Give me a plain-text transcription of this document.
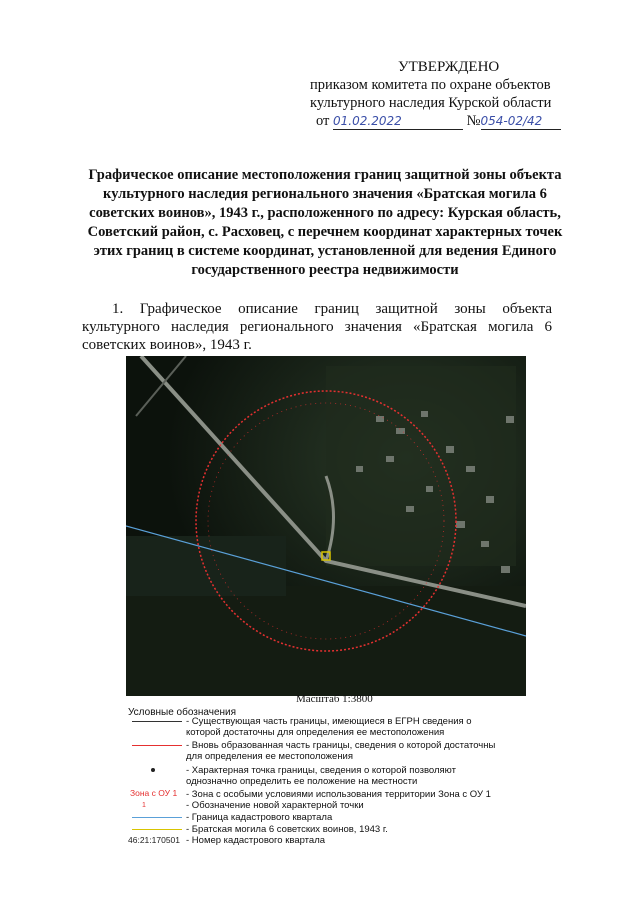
УТВЕРЖДЕНО
приказом комитета по охране объектов
культурного наследия Курской области
от 01.02.2022	№054-02/42
Графическое описание местоположения границ защитной зоны объекта культурного наследия регионального значения «Братская могила 6 советских воинов», 1943 г., расположенного по адресу: Курская область, Советский район, с. Расховец, с перечнем координат характерных точек этих границ в системе координат, установленной для ведения Единого государственного реестра недвижимости
1. Графическое описание границ защитной зоны объекта культурного наследия регионального значения «Братская могила 6 советских воинов», 1943 г.
Масштаб 1:3800
Условные обозначения
- Существующая часть границы, имеющиеся в ЕГРН сведения о которой достаточны для определения ее местоположения
- Вновь образованная часть границы, сведения о которой достаточны для определения ее местоположения
- Характерная точка границы, сведения о которой позволяют однозначно определить ее положение на местности
Зона с ОУ 1 - Зона с особыми условиями использования территории Зона с ОУ 1
1	- Обозначение новой характерной точки
- Граница кадастрового квартала
- Братская могила 6 советских воинов, 1943 г.
46:21:170501 - Номер кадастрового квартала
